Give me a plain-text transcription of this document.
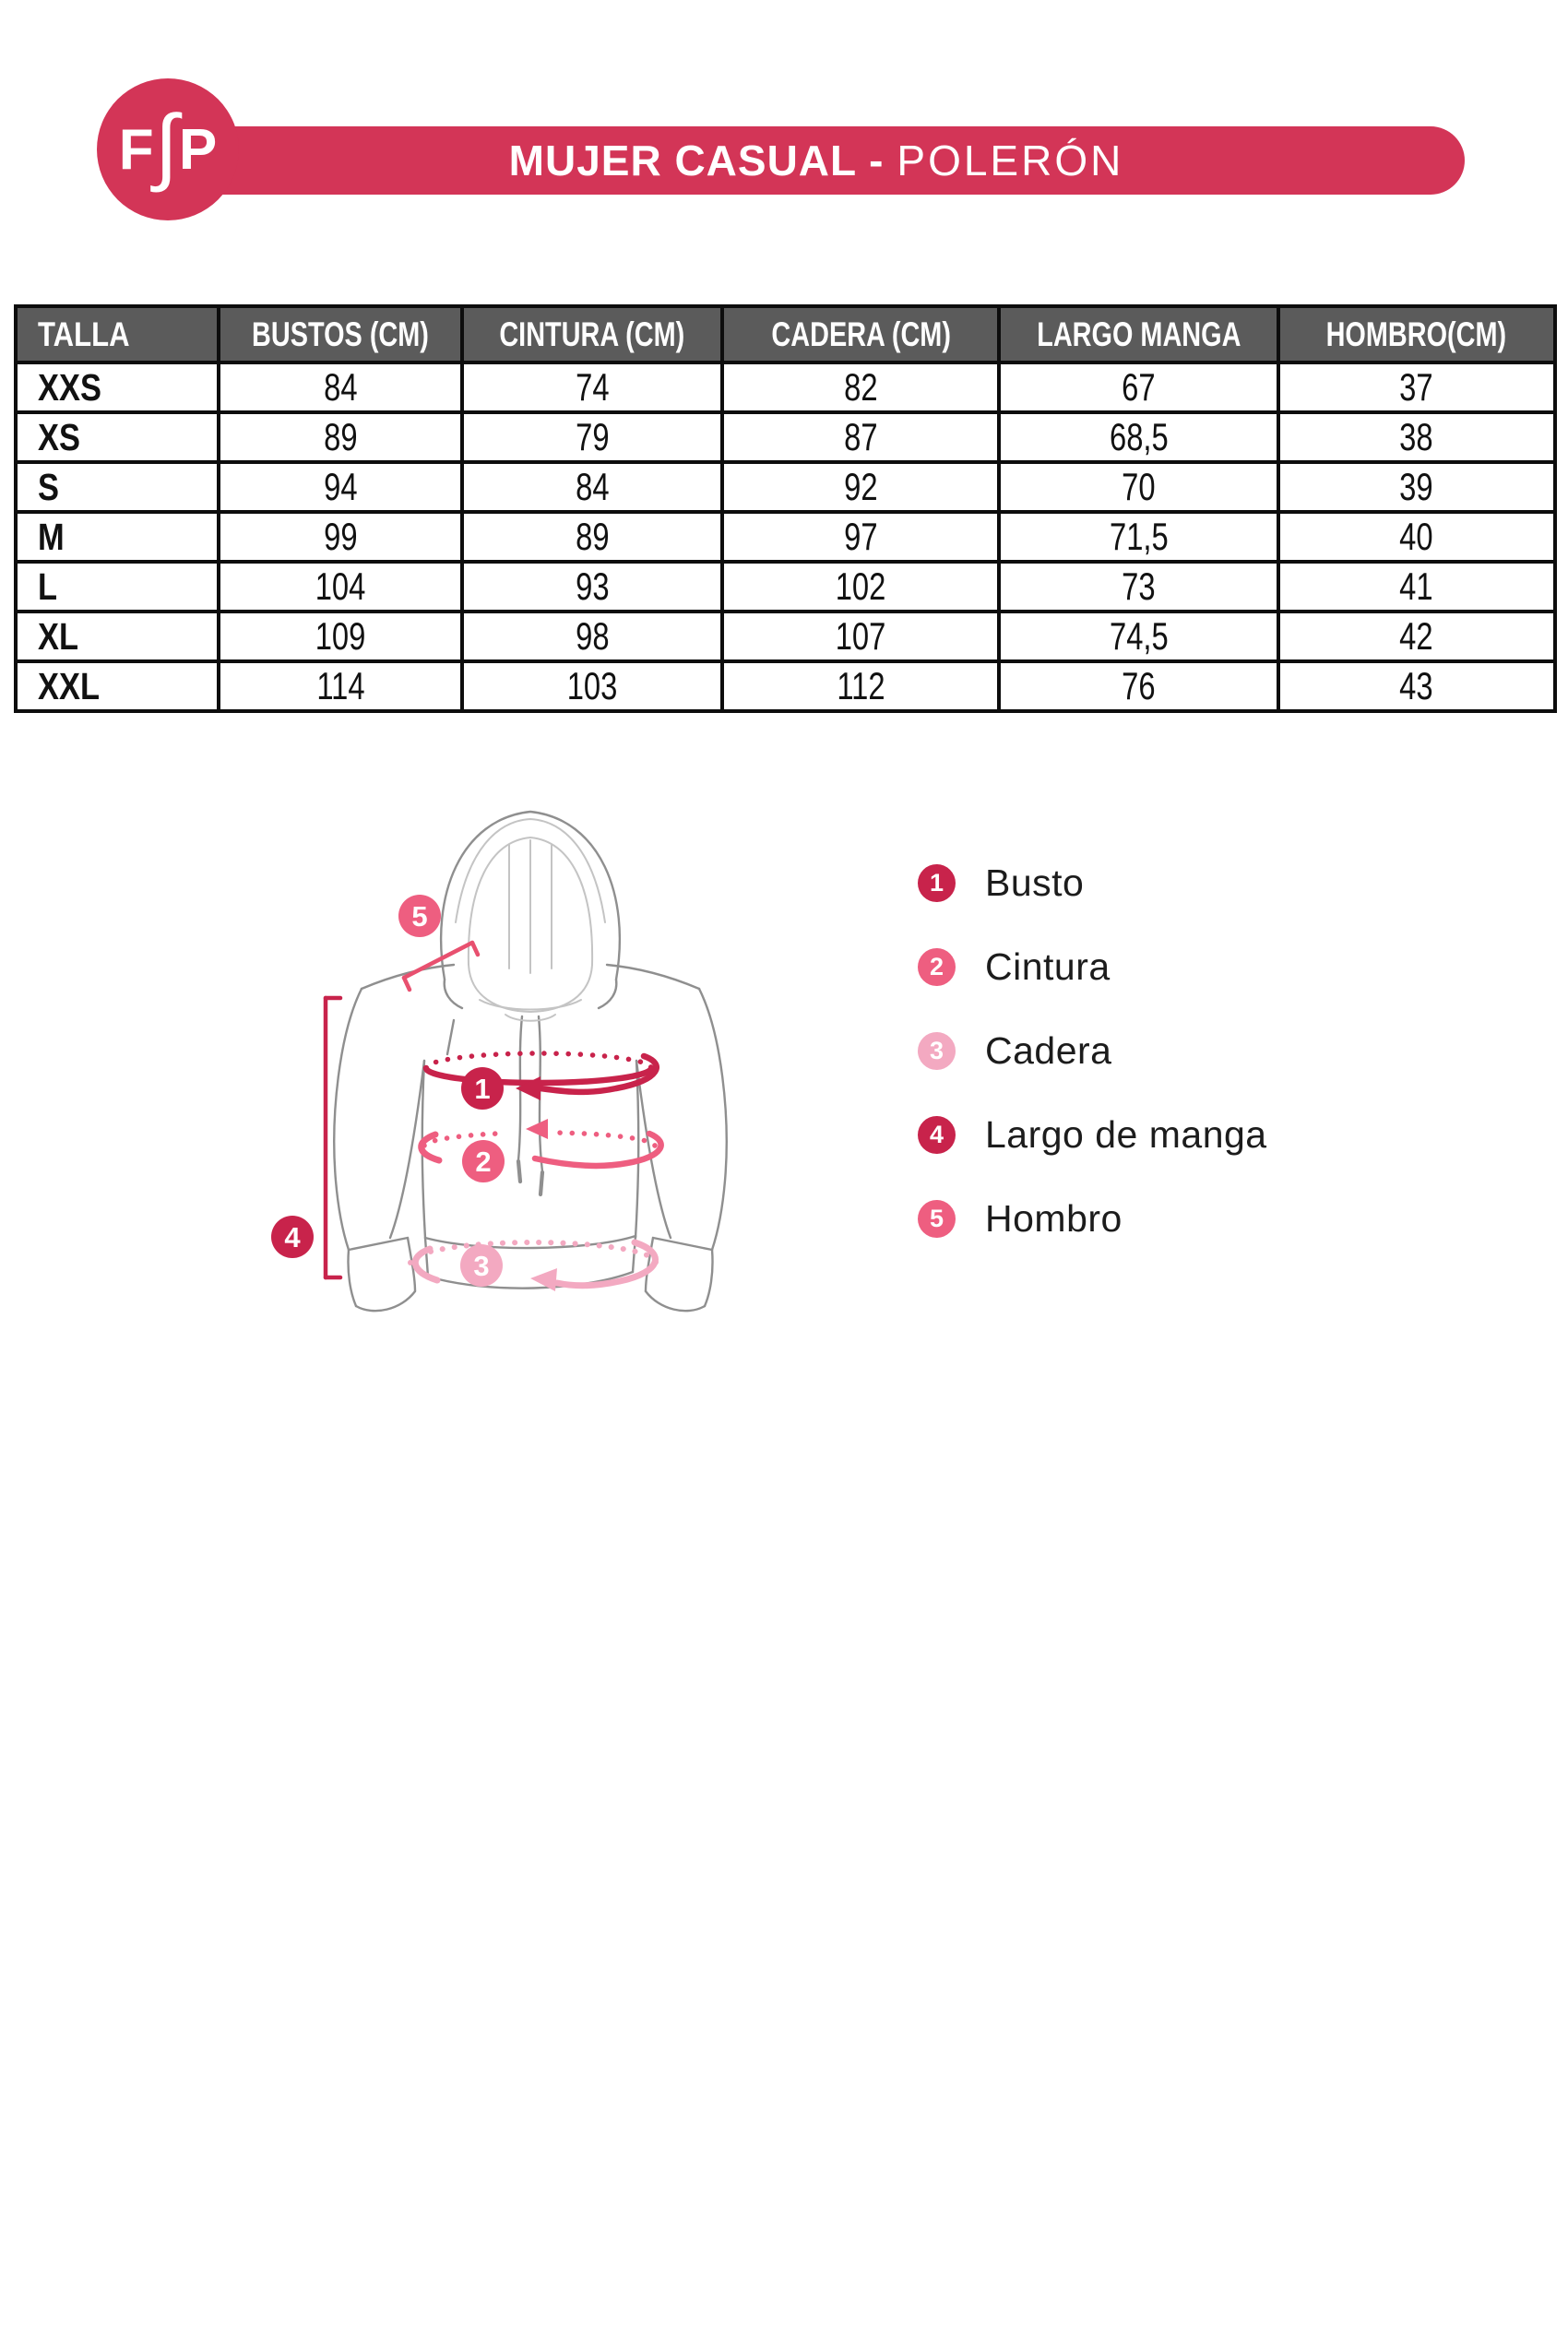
MUJER CASUAL - POLERÓN
F ∫ P
TALLA	BUSTOS (CM)	CINTURA (CM)	CADERA (CM)	LARGO MANGA	HOMBRO(CM)
XXS	84	74	82	67	37
XS	89	79	87	68,5	38
S	94	84	92	70	39
M	99	89	97	71,5	40
L	104	93	102	73	41
XL	109	98	107	74,5	42
XXL	114	103	112	76	43
1
2
3
4
5
1	Busto
2	Cintura
3	Cadera
4	Largo de manga
5	Hombro
